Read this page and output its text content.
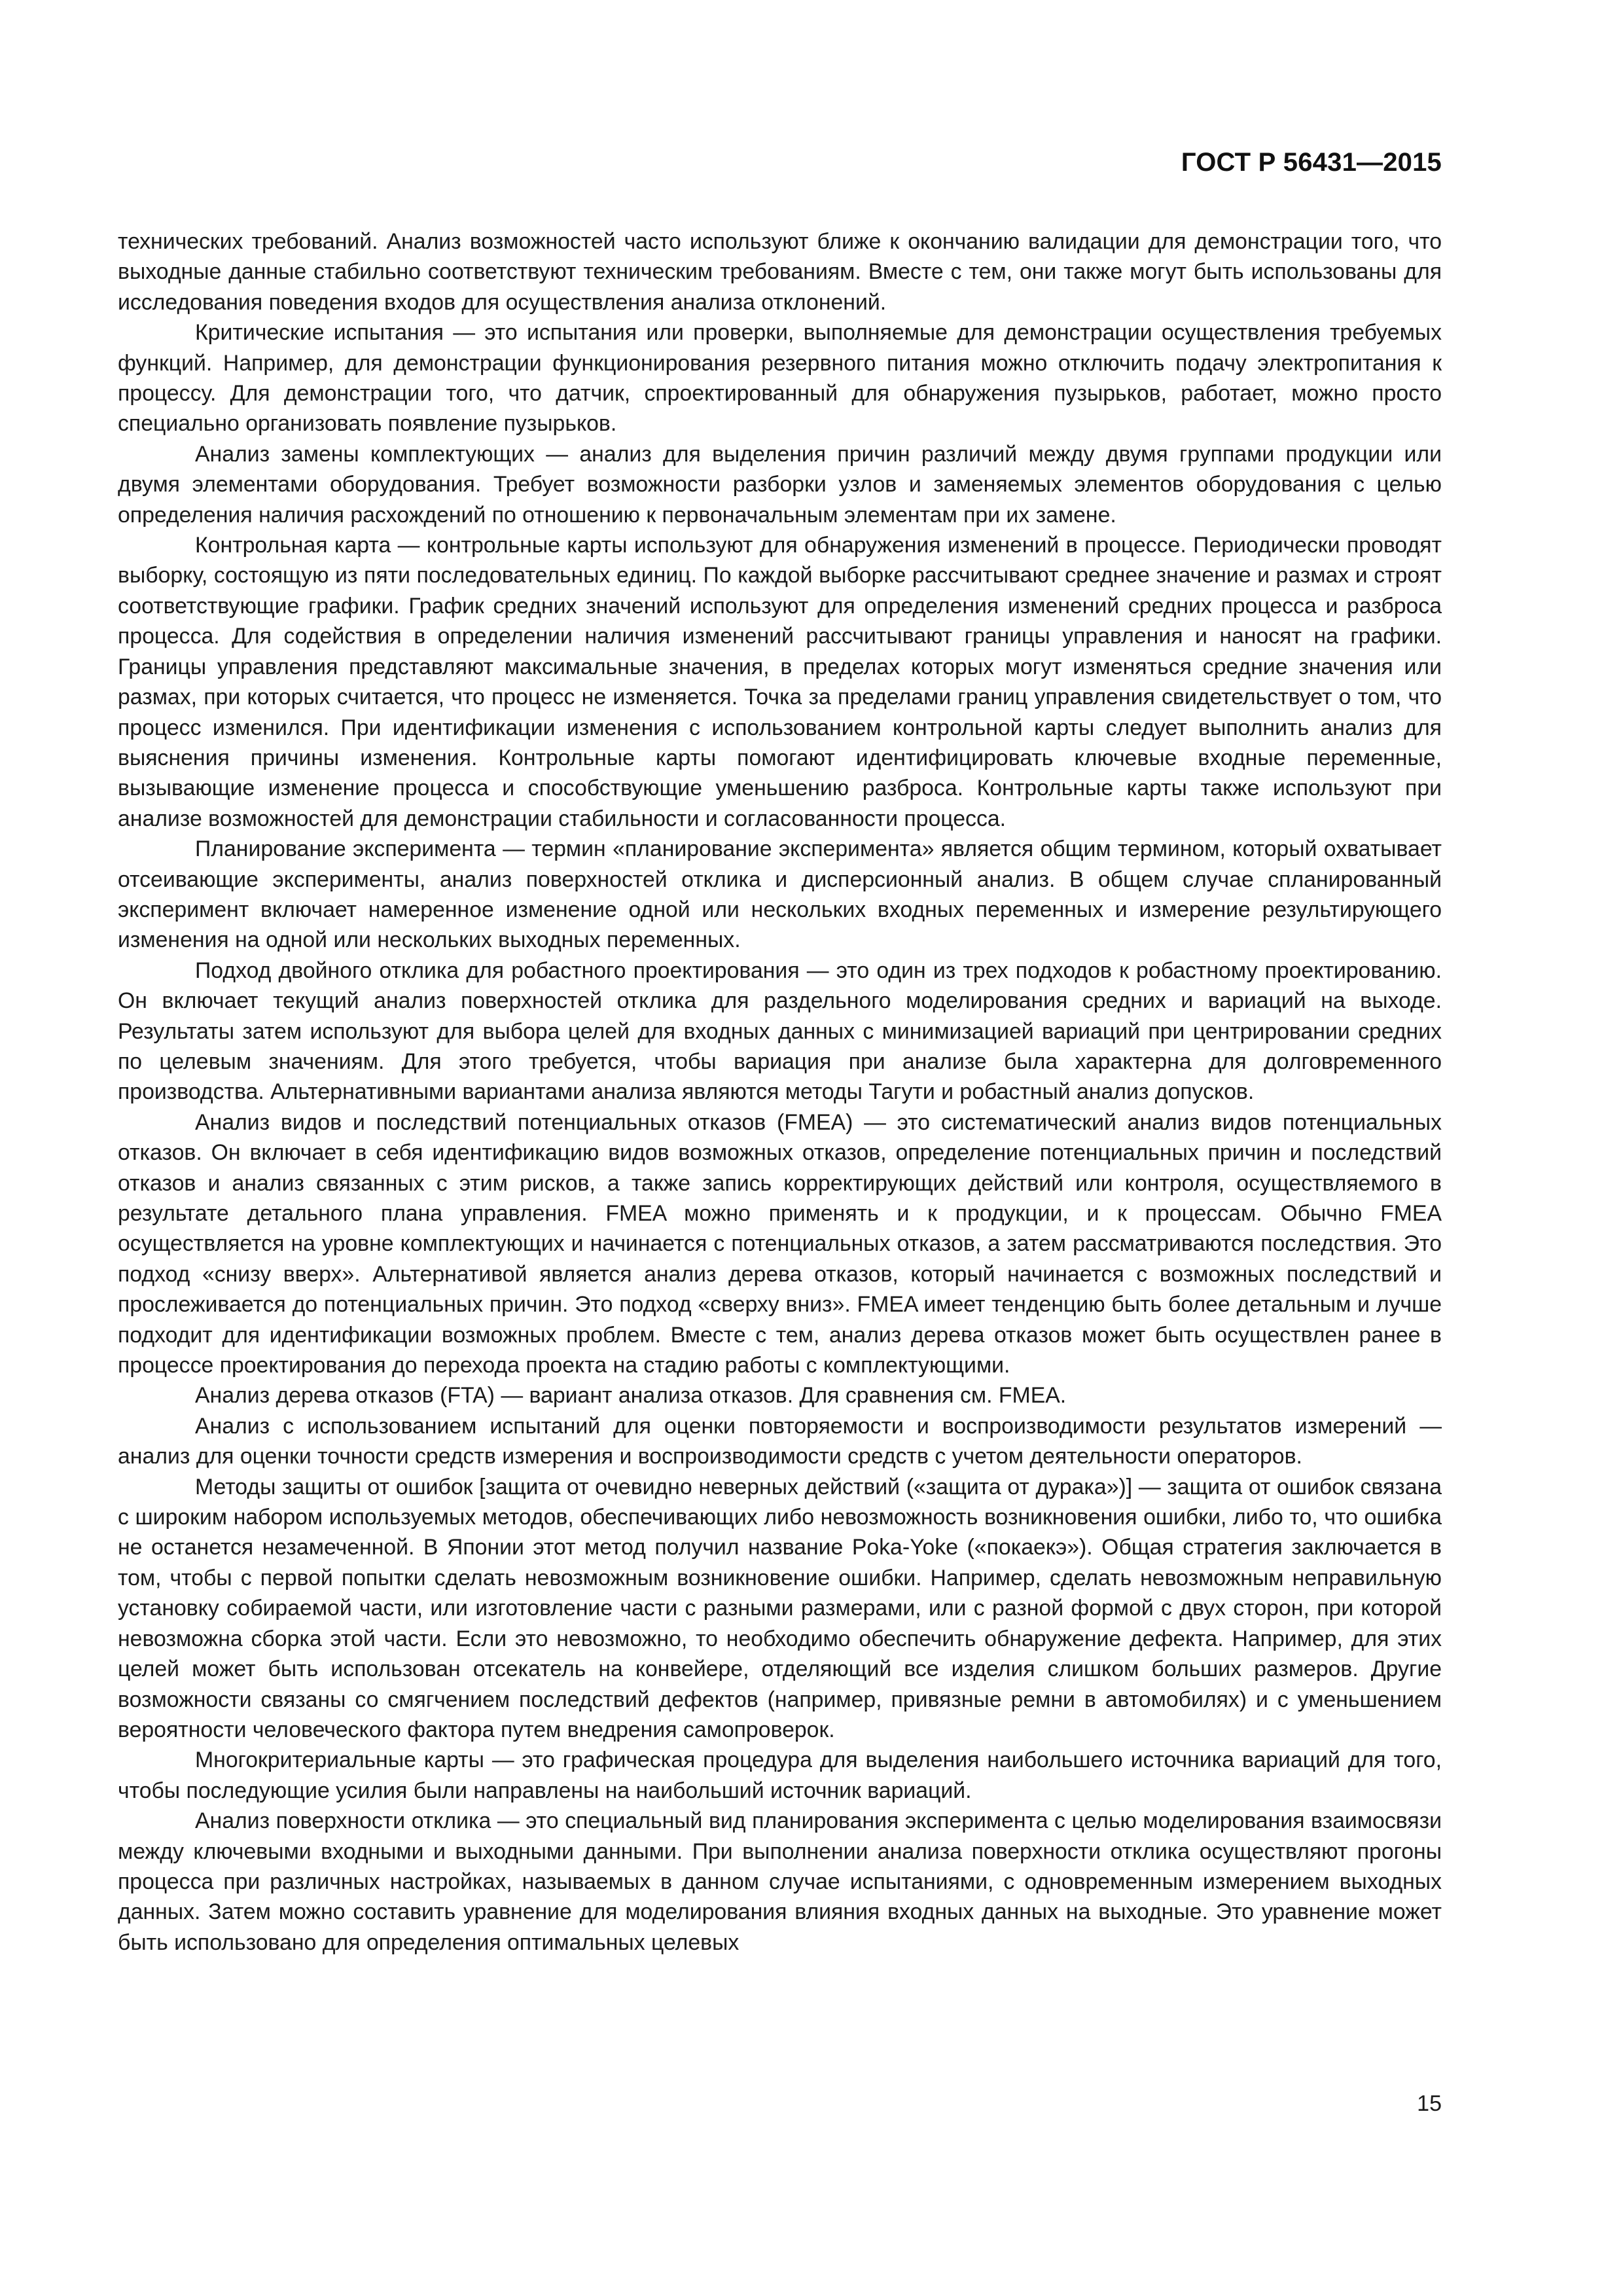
ГОСТ Р 56431—2015

технических требований. Анализ возможностей часто используют ближе к окончанию валидации для демонстрации того, что выходные данные стабильно соответствуют техническим требованиям. Вместе с тем, они также могут быть использованы для исследования поведения входов для осуществления анализа отклонений.

Критические испытания — это испытания или проверки, выполняемые для демонстрации осуществления требуемых функций. Например, для демонстрации функционирования резервного питания можно отключить подачу электропитания к процессу. Для демонстрации того, что датчик, спроектированный для обнаружения пузырьков, работает, можно просто специально организовать появление пузырьков.

Анализ замены комплектующих — анализ для выделения причин различий между двумя группами продукции или двумя элементами оборудования. Требует возможности разборки узлов и заменяемых элементов оборудования с целью определения наличия расхождений по отношению к первоначальным элементам при их замене.

Контрольная карта — контрольные карты используют для обнаружения изменений в процессе. Периодически проводят выборку, состоящую из пяти последовательных единиц. По каждой выборке рассчитывают среднее значение и размах и строят соответствующие графики. График средних значений используют для определения изменений средних процесса и разброса процесса. Для содействия в определении наличия изменений рассчитывают границы управления и наносят на графики. Границы управления представляют максимальные значения, в пределах которых могут изменяться средние значения или размах, при которых считается, что процесс не изменяется. Точка за пределами границ управления свидетельствует о том, что процесс изменился. При идентификации изменения с использованием контрольной карты следует выполнить анализ для выяснения причины изменения. Контрольные карты помогают идентифицировать ключевые входные переменные, вызывающие изменение процесса и способствующие уменьшению разброса. Контрольные карты также используют при анализе возможностей для демонстрации стабильности и согласованности процесса.

Планирование эксперимента — термин «планирование эксперимента» является общим термином, который охватывает отсеивающие эксперименты, анализ поверхностей отклика и дисперсионный анализ. В общем случае спланированный эксперимент включает намеренное изменение одной или нескольких входных переменных и измерение результирующего изменения на одной или нескольких выходных переменных.

Подход двойного отклика для робастного проектирования — это один из трех подходов к робастному проектированию. Он включает текущий анализ поверхностей отклика для раздельного моделирования средних и вариаций на выходе. Результаты затем используют для выбора целей для входных данных с минимизацией вариаций при центрировании средних по целевым значениям. Для этого требуется, чтобы вариация при анализе была характерна для долговременного производства. Альтернативными вариантами анализа являются методы Тагути и робастный анализ допусков.

Анализ видов и последствий потенциальных отказов (FMEA) — это систематический анализ видов потенциальных отказов. Он включает в себя идентификацию видов возможных отказов, определение потенциальных причин и последствий отказов и анализ связанных с этим рисков, а также запись корректирующих действий или контроля, осуществляемого в результате детального плана управления. FMEA можно применять и к продукции, и к процессам. Обычно FMEA осуществляется на уровне комплектующих и начинается с потенциальных отказов, а затем рассматриваются последствия. Это подход «снизу вверх». Альтернативой является анализ дерева отказов, который начинается с возможных последствий и прослеживается до потенциальных причин. Это подход «сверху вниз». FMEA имеет тенденцию быть более детальным и лучше подходит для идентификации возможных проблем. Вместе с тем, анализ дерева отказов может быть осуществлен ранее в процессе проектирования до перехода проекта на стадию работы с комплектующими.

Анализ дерева отказов (FTA) — вариант анализа отказов. Для сравнения см. FMEA.

Анализ с использованием испытаний для оценки повторяемости и воспроизводимости результатов измерений — анализ для оценки точности средств измерения и воспроизводимости средств с учетом деятельности операторов.

Методы защиты от ошибок [защита от очевидно неверных действий («защита от дурака»)] — защита от ошибок связана с широким набором используемых методов, обеспечивающих либо невозможность возникновения ошибки, либо то, что ошибка не останется незамеченной. В Японии этот метод получил название Poka-Yoke («покаекэ»). Общая стратегия заключается в том, чтобы с первой попытки сделать невозможным возникновение ошибки. Например, сделать невозможным неправильную установку собираемой части, или изготовление части с разными размерами, или с разной формой с двух сторон, при которой невозможна сборка этой части. Если это невозможно, то необходимо обеспечить обнаружение дефекта. Например, для этих целей может быть использован отсекатель на конвейере, отделяющий все изделия слишком больших размеров. Другие возможности связаны со смягчением последствий дефектов (например, привязные ремни в автомобилях) и с уменьшением вероятности человеческого фактора путем внедрения самопроверок.

Многокритериальные карты — это графическая процедура для выделения наибольшего источника вариаций для того, чтобы последующие усилия были направлены на наибольший источник вариаций.

Анализ поверхности отклика — это специальный вид планирования эксперимента с целью моделирования взаимосвязи между ключевыми входными и выходными данными. При выполнении анализа поверхности отклика осуществляют прогоны процесса при различных настройках, называемых в данном случае испытаниями, с одновременным измерением выходных данных. Затем можно составить уравнение для моделирования влияния входных данных на выходные. Это уравнение может быть использовано для определения оптимальных целевых

15
